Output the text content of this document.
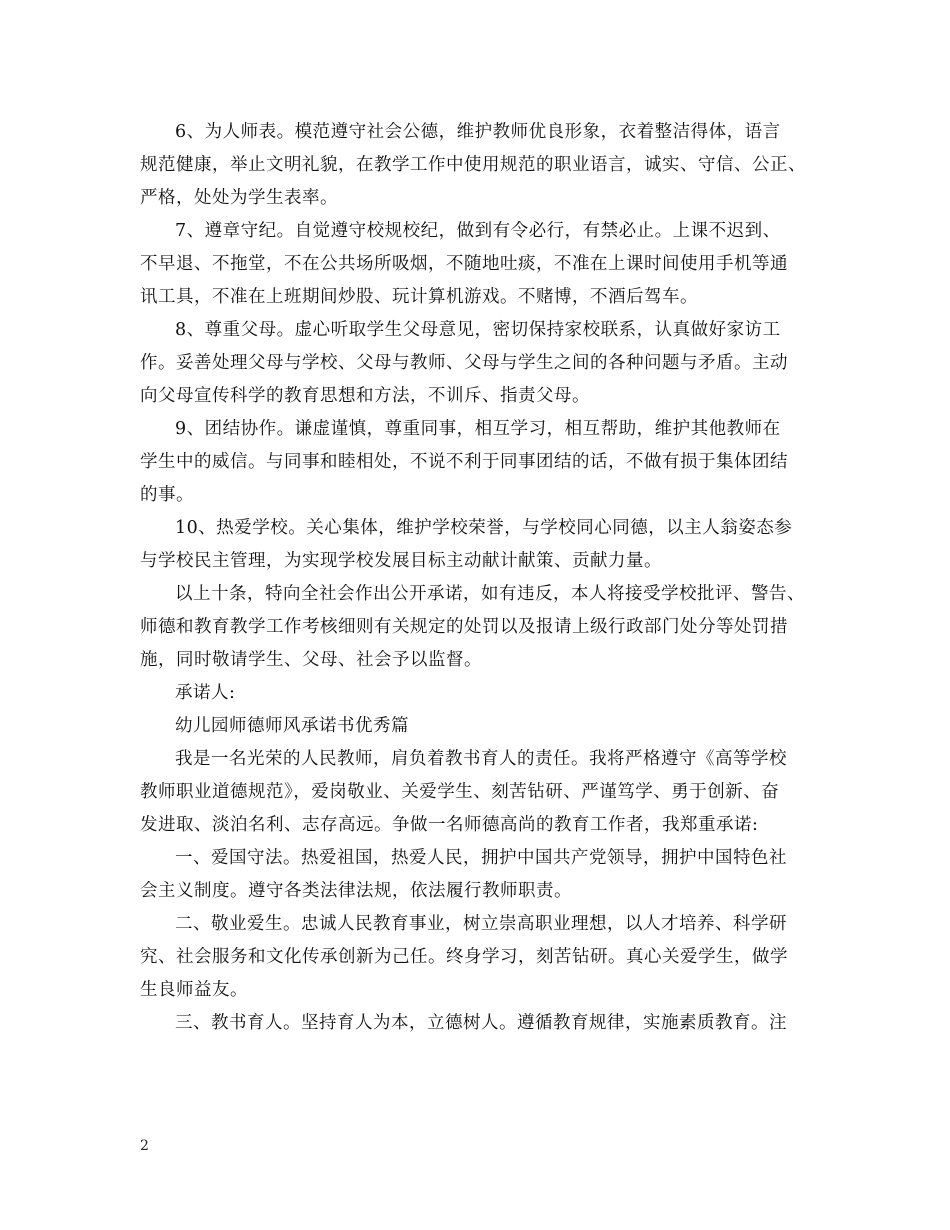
6、为人师表。模范遵守社会公德，维护教师优良形象，衣着整洁得体，语言
规范健康，举止文明礼貌，在教学工作中使用规范的职业语言，诚实、守信、公正、
严格，处处为学生表率。

7、遵章守纪。自觉遵守校规校纪，做到有令必行，有禁必止。上课不迟到、
不早退、不拖堂，不在公共场所吸烟，不随地吐痰，不准在上课时间使用手机等通
讯工具，不准在上班期间炒股、玩计算机游戏。不赌博，不酒后驾车。

8、尊重父母。虚心听取学生父母意见，密切保持家校联系，认真做好家访工
作。妥善处理父母与学校、父母与教师、父母与学生之间的各种问题与矛盾。主动
向父母宣传科学的教育思想和方法，不训斥、指责父母。

9、团结协作。谦虚谨慎，尊重同事，相互学习，相互帮助，维护其他教师在
学生中的威信。与同事和睦相处，不说不利于同事团结的话，不做有损于集体团结
的事。

10、热爱学校。关心集体，维护学校荣誉，与学校同心同德，以主人翁姿态参
与学校民主管理，为实现学校发展目标主动献计献策、贡献力量。

以上十条，特向全社会作出公开承诺，如有违反，本人将接受学校批评、警告、
师德和教育教学工作考核细则有关规定的处罚以及报请上级行政部门处分等处罚措
施，同时敬请学生、父母、社会予以监督。

承诺人:

幼儿园师德师风承诺书优秀篇

我是一名光荣的人民教师，肩负着教书育人的责任。我将严格遵守《高等学校
教师职业道德规范》，爱岗敬业、关爱学生、刻苦钻研、严谨笃学、勇于创新、奋
发进取、淡泊名利、志存高远。争做一名师德高尚的教育工作者，我郑重承诺:

一、爱国守法。热爱祖国，热爱人民，拥护中国共产党领导，拥护中国特色社
会主义制度。遵守各类法律法规，依法履行教师职责。

二、敬业爱生。忠诚人民教育事业，树立崇高职业理想，以人才培养、科学研
究、社会服务和文化传承创新为己任。终身学习，刻苦钻研。真心关爱学生，做学
生良师益友。

三、教书育人。坚持育人为本，立德树人。遵循教育规律，实施素质教育。注

2
